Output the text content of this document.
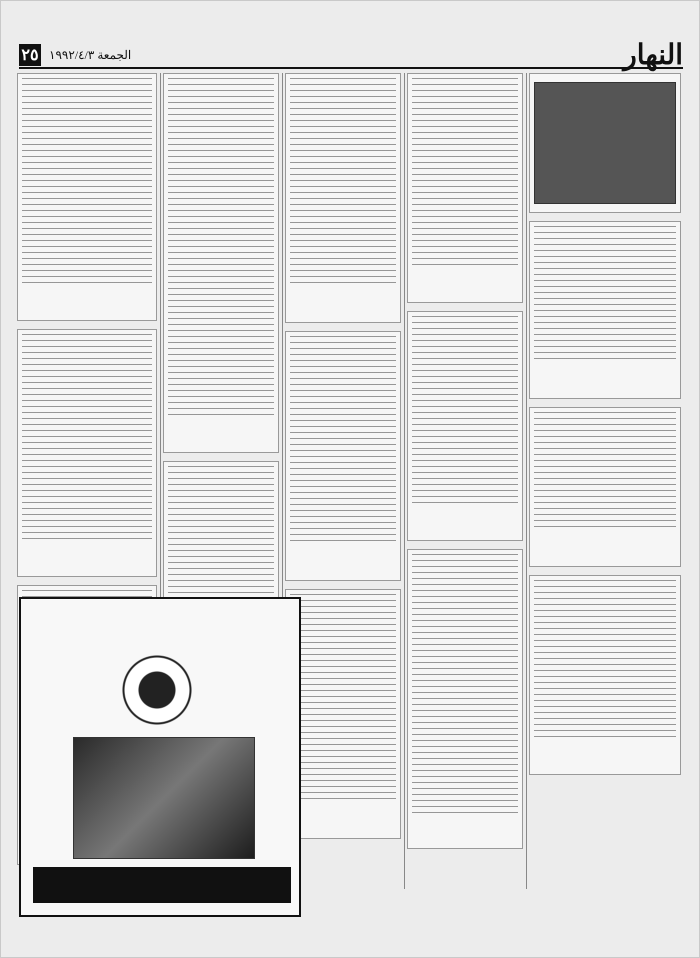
النهار
الجمعة ١٩٩٢/٤/٣
٢٥
